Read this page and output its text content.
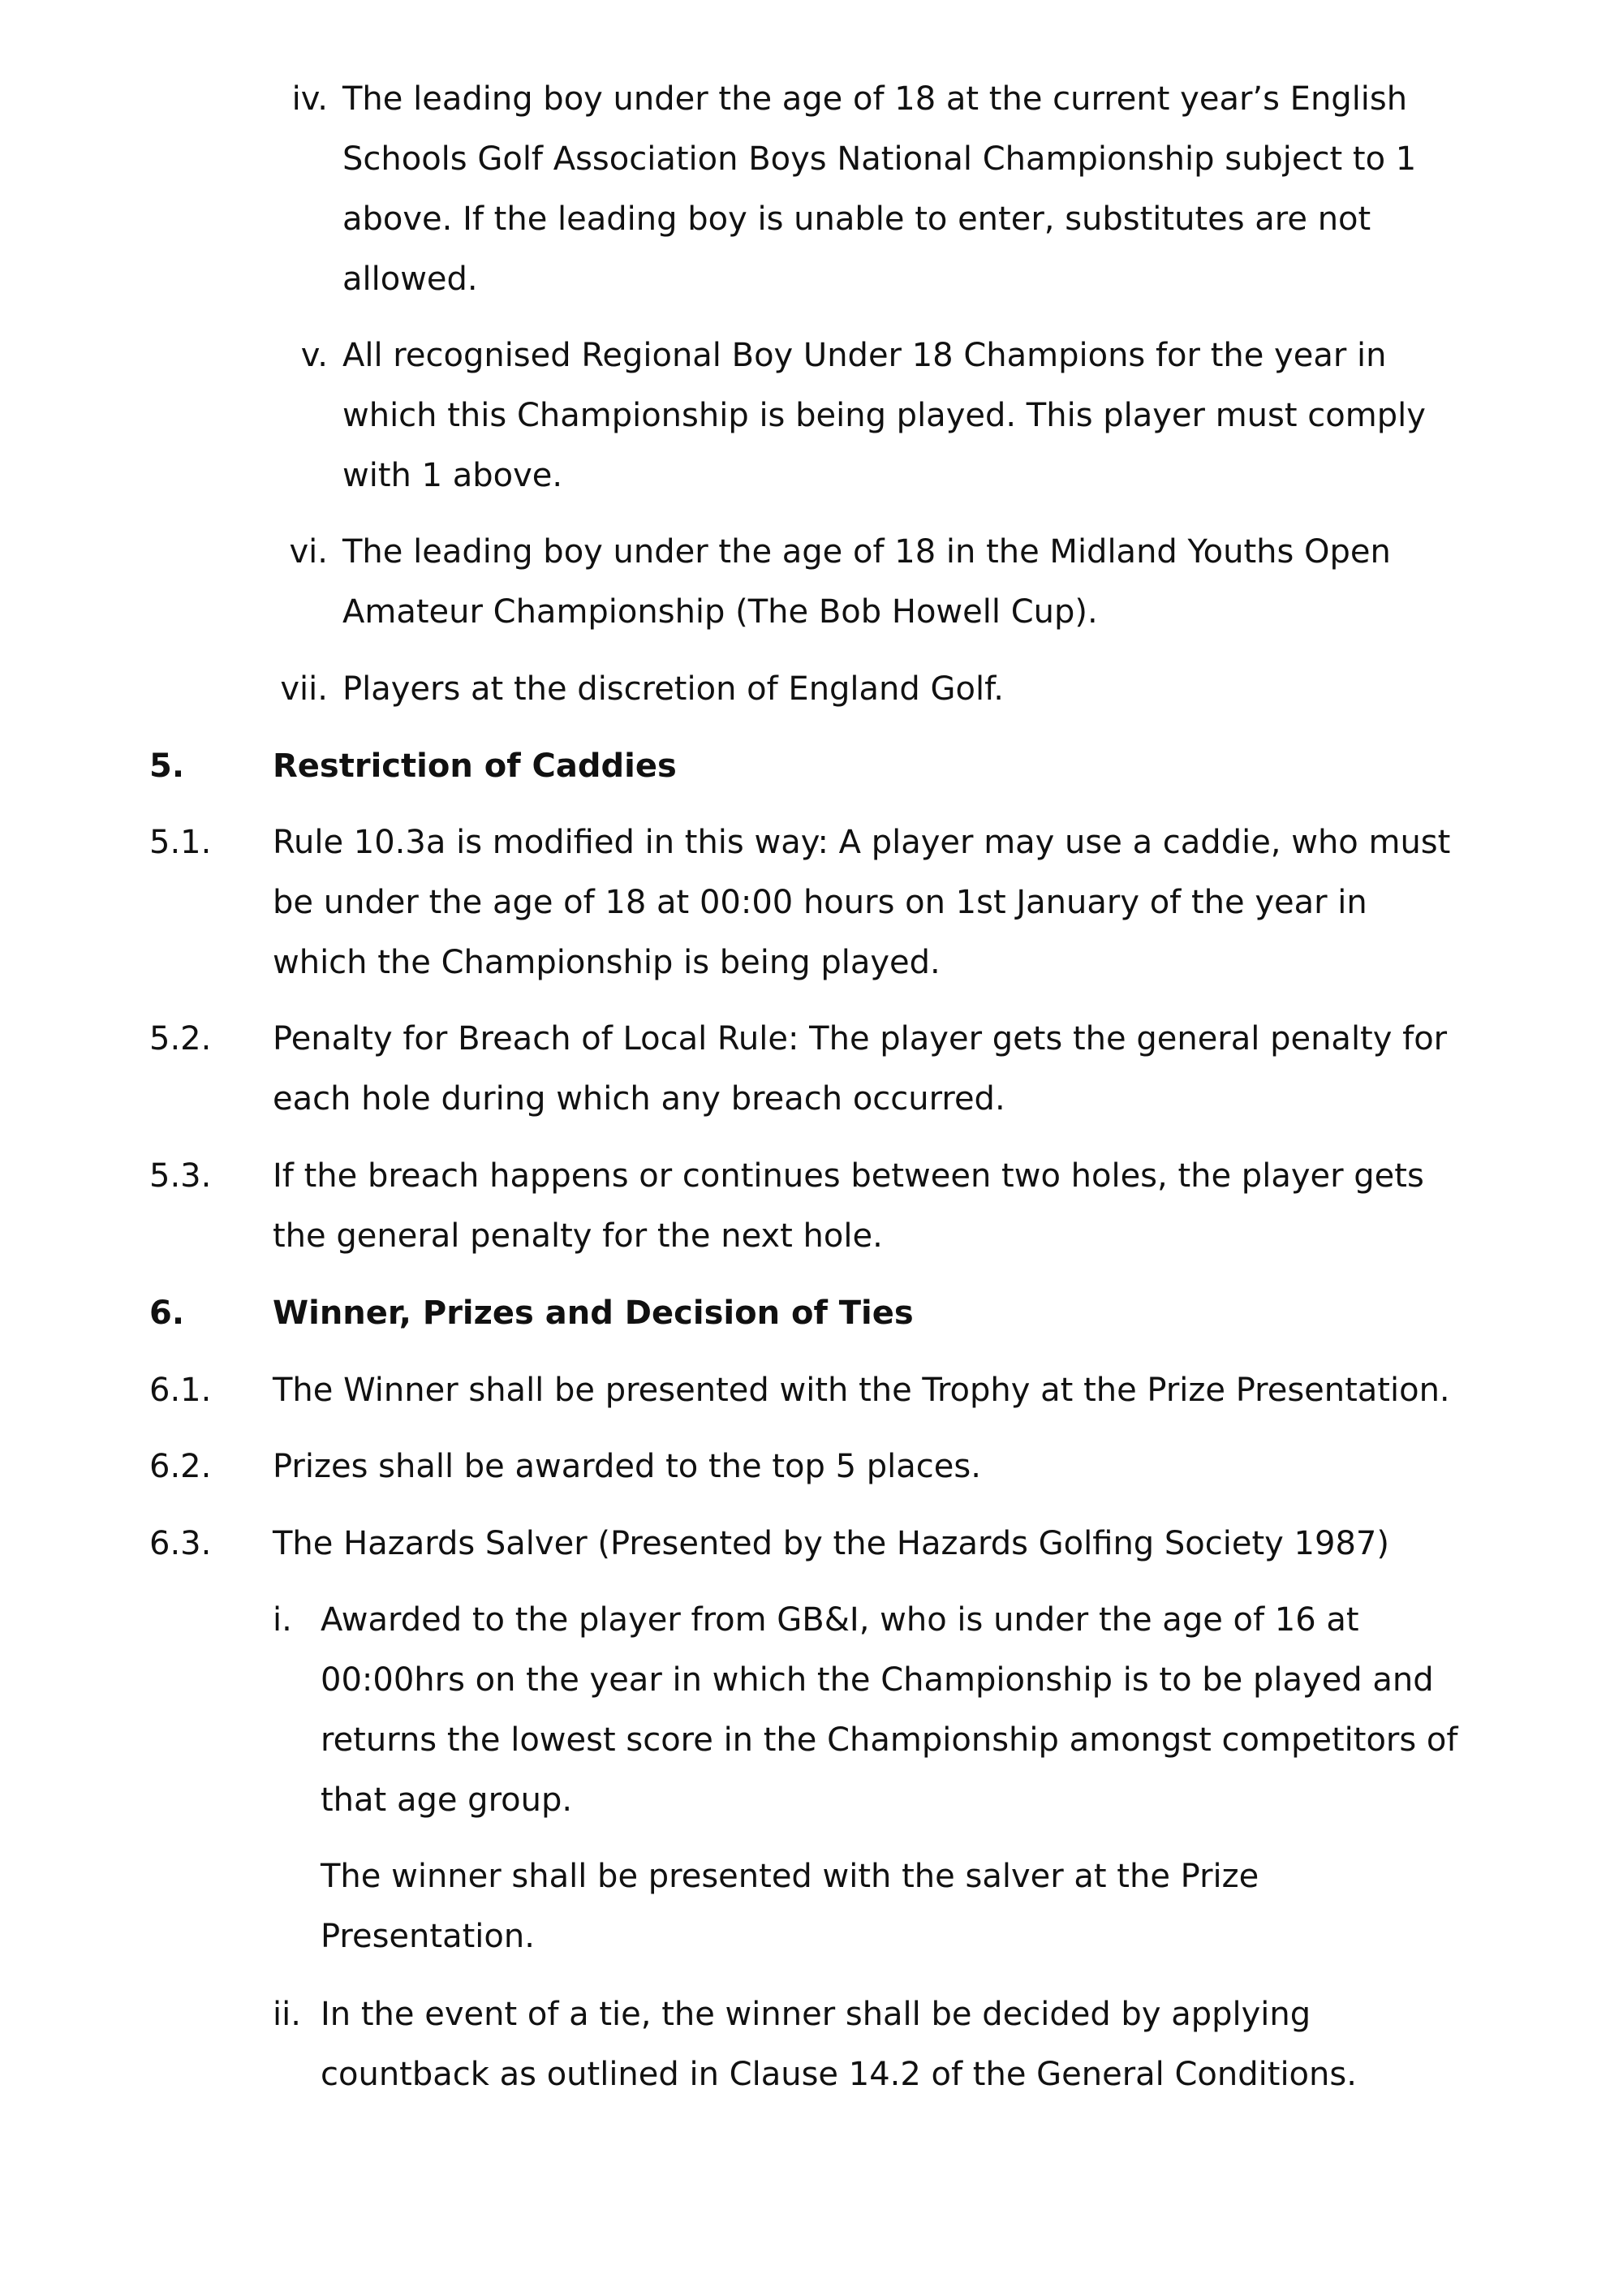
iv. The leading boy under the age of 18 at the current year’s English
Schools Golf Association Boys National Championship subject to 1
above. If the leading boy is unable to enter, substitutes are not
allowed.
v. All recognised Regional Boy Under 18 Champions for the year in
which this Championship is being played. This player must comply
with 1 above.
vi. The leading boy under the age of 18 in the Midland Youths Open
Amateur Championship (The Bob Howell Cup).
vii. Players at the discretion of England Golf.
5.	Restriction of Caddies
5.1. Rule 10.3a is modified in this way: A player may use a caddie, who must
be under the age of 18 at 00:00 hours on 1st January of the year in
which the Championship is being played.
5.2. Penalty for Breach of Local Rule: The player gets the general penalty for
each hole during which any breach occurred.
5.3. If the breach happens or continues between two holes, the player gets
the general penalty for the next hole.
6.	Winner, Prizes and Decision of Ties
6.1. The Winner shall be presented with the Trophy at the Prize Presentation.
6.2. Prizes shall be awarded to the top 5 places.
6.3. The Hazards Salver (Presented by the Hazards Golfing Society 1987)
i. Awarded to the player from GB&I, who is under the age of 16 at
00:00hrs on the year in which the Championship is to be played and
returns the lowest score in the Championship amongst competitors of
that age group.
The winner shall be presented with the salver at the Prize
Presentation.
ii. In the event of a tie, the winner shall be decided by applying
countback as outlined in Clause 14.2 of the General Conditions.
